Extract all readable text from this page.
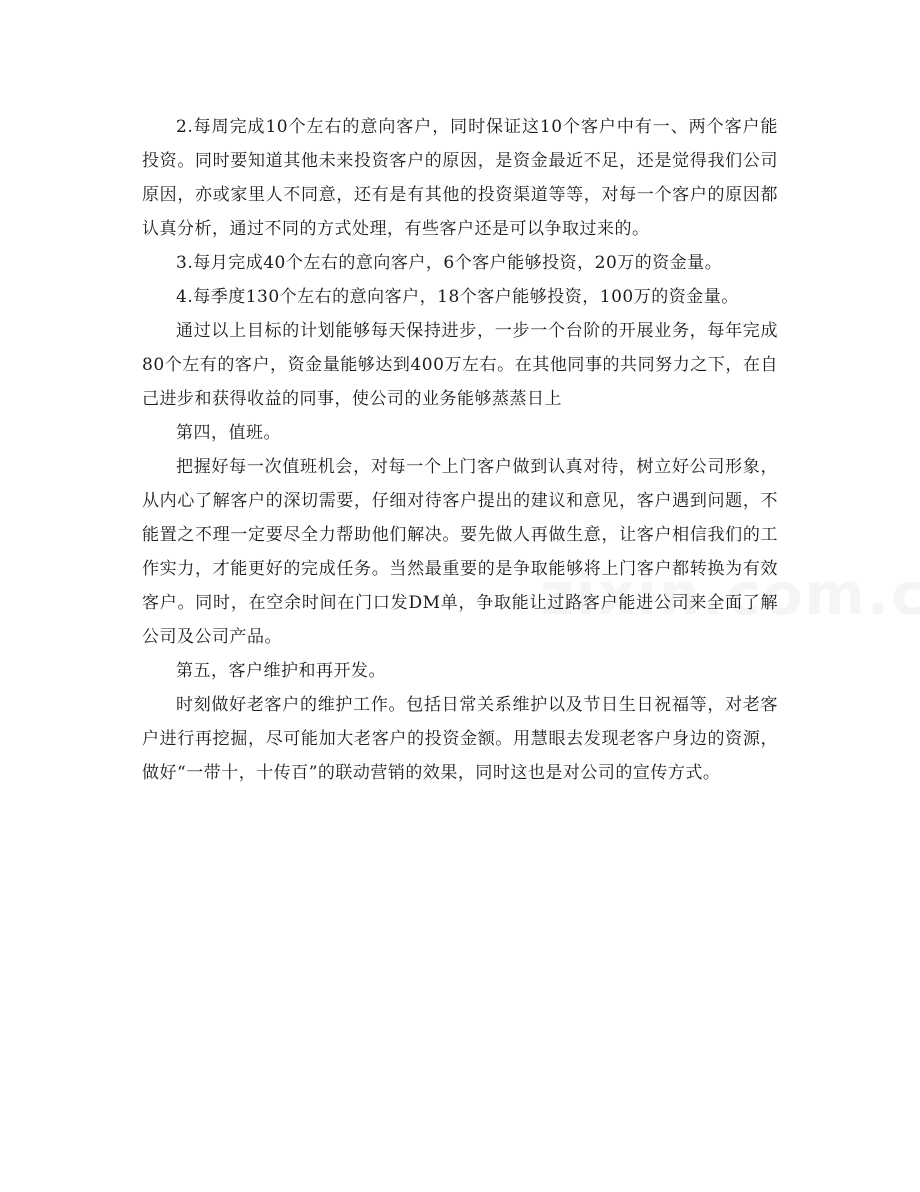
2.每周完成10个左右的意向客户，同时保证这10个客户中有一、两个客户能投资。同时要知道其他未来投资客户的原因，是资金最近不足，还是觉得我们公司原因，亦或家里人不同意，还有是有其他的投资渠道等等，对每一个客户的原因都认真分析，通过不同的方式处理，有些客户还是可以争取过来的。

3.每月完成40个左右的意向客户，6个客户能够投资，20万的资金量。

4.每季度130个左右的意向客户，18个客户能够投资，100万的资金量。

通过以上目标的计划能够每天保持进步，一步一个台阶的开展业务，每年完成80个左有的客户，资金量能够达到400万左右。在其他同事的共同努力之下，在自己进步和获得收益的同事，使公司的业务能够蒸蒸日上

第四，值班。

把握好每一次值班机会，对每一个上门客户做到认真对待，树立好公司形象，从内心了解客户的深切需要，仔细对待客户提出的建议和意见，客户遇到问题，不能置之不理一定要尽全力帮助他们解决。要先做人再做生意，让客户相信我们的工作实力，才能更好的完成任务。当然最重要的是争取能够将上门客户都转换为有效客户。同时，在空余时间在门口发DM单，争取能让过路客户能进公司来全面了解公司及公司产品。

第五，客户维护和再开发。

时刻做好老客户的维护工作。包括日常关系维护以及节日生日祝福等，对老客户进行再挖掘，尽可能加大老客户的投资金额。用慧眼去发现老客户身边的资源，做好“一带十，十传百”的联动营销的效果，同时这也是对公司的宣传方式。
